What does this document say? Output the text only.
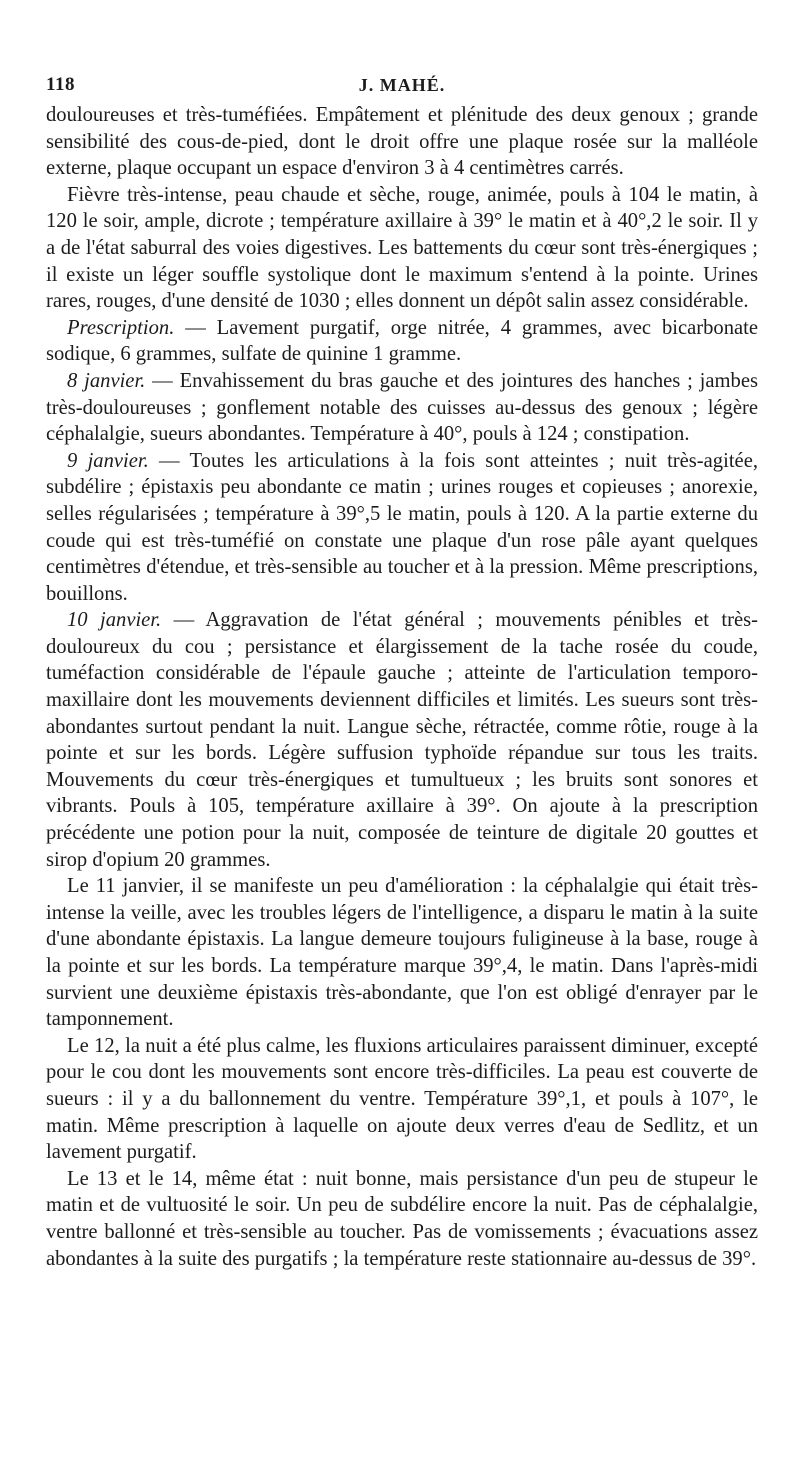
118	J. MAHÉ.

douloureuses et très-tuméfiées. Empâtement et plénitude des deux genoux ; grande sensibilité des cous-de-pied, dont le droit offre une plaque rosée sur la malléole externe, plaque occupant un espace d'environ 3 à 4 centimètres carrés.

Fièvre très-intense, peau chaude et sèche, rouge, animée, pouls à 104 le matin, à 120 le soir, ample, dicrote ; température axillaire à 39° le matin et à 40°,2 le soir. Il y a de l'état saburral des voies digestives. Les battements du cœur sont très-énergiques ; il existe un léger souffle systolique dont le maximum s'entend à la pointe. Urines rares, rouges, d'une densité de 1030 ; elles donnent un dépôt salin assez considérable.

Prescription. — Lavement purgatif, orge nitrée, 4 grammes, avec bicarbonate sodique, 6 grammes, sulfate de quinine 1 gramme.

8 janvier. — Envahissement du bras gauche et des jointures des hanches ; jambes très-douloureuses ; gonflement notable des cuisses au-dessus des genoux ; légère céphalalgie, sueurs abondantes. Température à 40°, pouls à 124 ; constipation.

9 janvier. — Toutes les articulations à la fois sont atteintes ; nuit très-agitée, subdélire ; épistaxis peu abondante ce matin ; urines rouges et copieuses ; anorexie, selles régularisées ; température à 39°,5 le matin, pouls à 120. A la partie externe du coude qui est très-tuméfié on constate une plaque d'un rose pâle ayant quelques centimètres d'étendue, et très-sensible au toucher et à la pression. Même prescriptions, bouillons.

10 janvier. — Aggravation de l'état général ; mouvements pénibles et très-douloureux du cou ; persistance et élargissement de la tache rosée du coude, tuméfaction considérable de l'épaule gauche ; atteinte de l'articulation temporo-maxillaire dont les mouvements deviennent difficiles et limités. Les sueurs sont très-abondantes surtout pendant la nuit. Langue sèche, rétractée, comme rôtie, rouge à la pointe et sur les bords. Légère suffusion typhoïde répandue sur tous les traits. Mouvements du cœur très-énergiques et tumultueux ; les bruits sont sonores et vibrants. Pouls à 105, température axillaire à 39°. On ajoute à la prescription précédente une potion pour la nuit, composée de teinture de digitale 20 gouttes et sirop d'opium 20 grammes.

Le 11 janvier, il se manifeste un peu d'amélioration : la céphalalgie qui était très-intense la veille, avec les troubles légers de l'intelligence, a disparu le matin à la suite d'une abondante épistaxis. La langue demeure toujours fuligineuse à la base, rouge à la pointe et sur les bords. La température marque 39°,4, le matin. Dans l'après-midi survient une deuxième épistaxis très-abondante, que l'on est obligé d'enrayer par le tamponnement.

Le 12, la nuit a été plus calme, les fluxions articulaires paraissent diminuer, excepté pour le cou dont les mouvements sont encore très-difficiles. La peau est couverte de sueurs : il y a du ballonnement du ventre. Température 39°,1, et pouls à 107°, le matin. Même prescription à laquelle on ajoute deux verres d'eau de Sedlitz, et un lavement purgatif.

Le 13 et le 14, même état : nuit bonne, mais persistance d'un peu de stupeur le matin et de vultuosité le soir. Un peu de subdélire encore la nuit. Pas de céphalalgie, ventre ballonné et très-sensible au toucher. Pas de vomissements ; évacuations assez abondantes à la suite des purgatifs ; la température reste stationnaire au-dessus de 39°.
